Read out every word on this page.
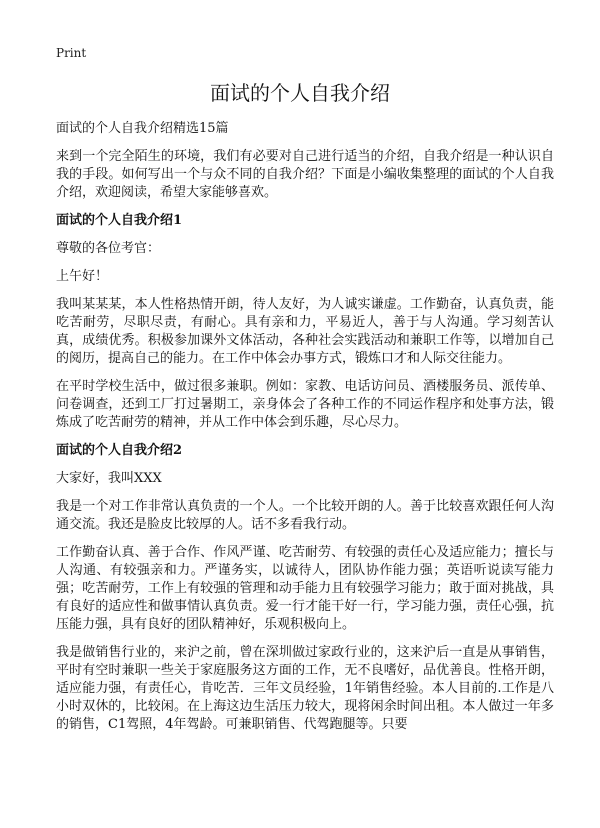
Print
面试的个人自我介绍

面试的个人自我介绍精选15篇

来到一个完全陌生的环境，我们有必要对自己进行适当的介绍，自我介绍是一种认识自我的手段。如何写出一个与众不同的自我介绍？下面是小编收集整理的面试的个人自我介绍，欢迎阅读，希望大家能够喜欢。

面试的个人自我介绍1

尊敬的各位考官：

上午好！

我叫某某某，本人性格热情开朗，待人友好，为人诚实谦虚。工作勤奋，认真负责，能吃苦耐劳，尽职尽责，有耐心。具有亲和力，平易近人，善于与人沟通。学习刻苦认真，成绩优秀。积极参加课外文体活动，各种社会实践活动和兼职工作等，以增加自己的阅历，提高自己的能力。在工作中体会办事方式，锻炼口才和人际交往能力。

在平时学校生活中，做过很多兼职。例如：家教、电话访问员、酒楼服务员、派传单、问卷调查，还到工厂打过暑期工，亲身体会了各种工作的不同运作程序和处事方法，锻炼成了吃苦耐劳的精神，并从工作中体会到乐趣，尽心尽力。

面试的个人自我介绍2

大家好，我叫XXX

我是一个对工作非常认真负责的一个人。一个比较开朗的人。善于比较喜欢跟任何人沟通交流。我还是脸皮比较厚的人。话不多看我行动。

工作勤奋认真、善于合作、作风严谨、吃苦耐劳、有较强的责任心及适应能力；擅长与人沟通、有较强亲和力。严谨务实，以诚待人，团队协作能力强；英语听说读写能力强；吃苦耐劳，工作上有较强的管理和动手能力且有较强学习能力；敢于面对挑战，具有良好的适应性和做事情认真负责。爱一行才能干好一行，学习能力强，责任心强，抗压能力强，具有良好的团队精神好，乐观积极向上。

我是做销售行业的，来沪之前，曾在深圳做过家政行业的，这来沪后一直是从事销售，平时有空时兼职一些关于家庭服务这方面的工作，无不良嗜好，品优善良。性格开朗，适应能力强，有责任心，肯吃苦．三年文员经验，1年销售经验。本人目前的.工作是八小时双休的，比较闲。在上海这边生活压力较大，现将闲余时间出租。本人做过一年多的销售，C1驾照，4年驾龄。可兼职销售、代驾跑腿等。只要
